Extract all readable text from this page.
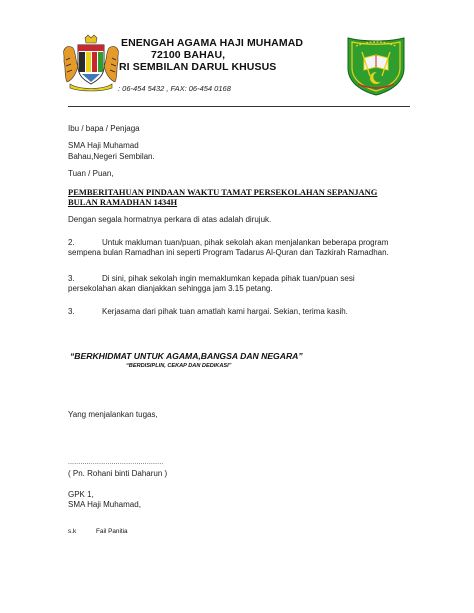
ENENGAH AGAMA HAJI MUHAMAD
72100 BAHAU,
RI SEMBILAN DARUL KHUSUS
: 06-454 5432 , FAX: 06-454 0168
Ibu / bapa / Penjaga
SMA Haji Muhamad
Bahau,Negeri Sembilan.
Tuan / Puan,
PEMBERITAHUAN PINDAAN WAKTU TAMAT PERSEKOLAHAN SEPANJANG
BULAN RAMADHAN 1434H
Dengan segala hormatnya perkara di atas adalah dirujuk.
2.	Untuk makluman tuan/puan, pihak sekolah akan menjalankan beberapa program
sempena bulan Ramadhan ini seperti Program Tadarus Al-Quran dan Tazkirah Ramadhan.
3.	Di sini, pihak sekolah ingin memaklumkan kepada pihak tuan/puan sesi
persekolahan akan dianjakkan sehingga jam 3.15 petang.
3.	Kerjasama dari pihak tuan amatlah kami hargai. Sekian, terima kasih.
“BERKHIDMAT UNTUK AGAMA,BANGSA DAN NEGARA”
“BERDISIPLIN, CEKAP DAN DEDIKASI”
Yang menjalankan tugas,
..............................................
( Pn. Rohani binti Daharun )
GPK 1,
SMA Haji Muhamad,
s.k	Fail Panitia
